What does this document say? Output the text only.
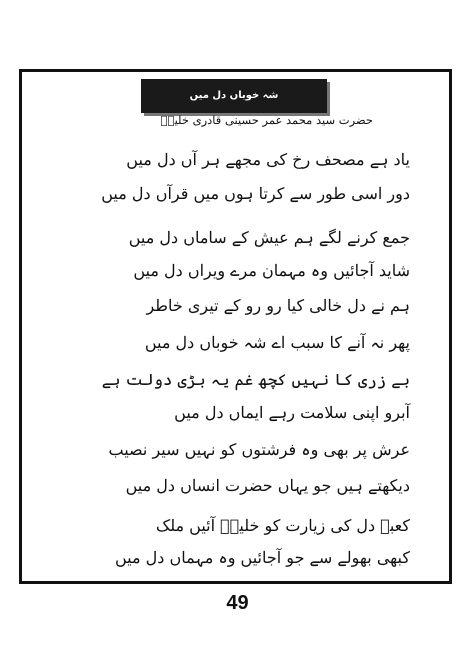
شہ خوباں دل میں
حضرت سید محمد عمر حسینی قادری خلیقؔ
یاد ہے مصحف رخ کی مجھے ہر آں دل میں
دور اسی طور سے کرتا ہوں میں قرآں دل میں
جمع کرنے لگے ہم عیش کے ساماں دل میں
شاید آجائیں وہ مہمان مرے ویراں دل میں
ہم نے دل خالی کیا رو رو کے تیری خاطر
پھر نہ آنے کا سبب اے شہ خوباں دل میں
بے زری کا نہیں کچھ غم یہ بڑی دولت ہے
آبرو اپنی سلامت رہے ایماں دل میں
عرش پر بھی وہ فرشتوں کو نہیں سیر نصیب
دیکھتے ہیں جو یہاں حضرت انساں دل میں
کعبہ دل کی زیارت کو خلیقؔ آئیں ملک
کبھی بھولے سے جو آجائیں وہ مہماں دل میں
49
